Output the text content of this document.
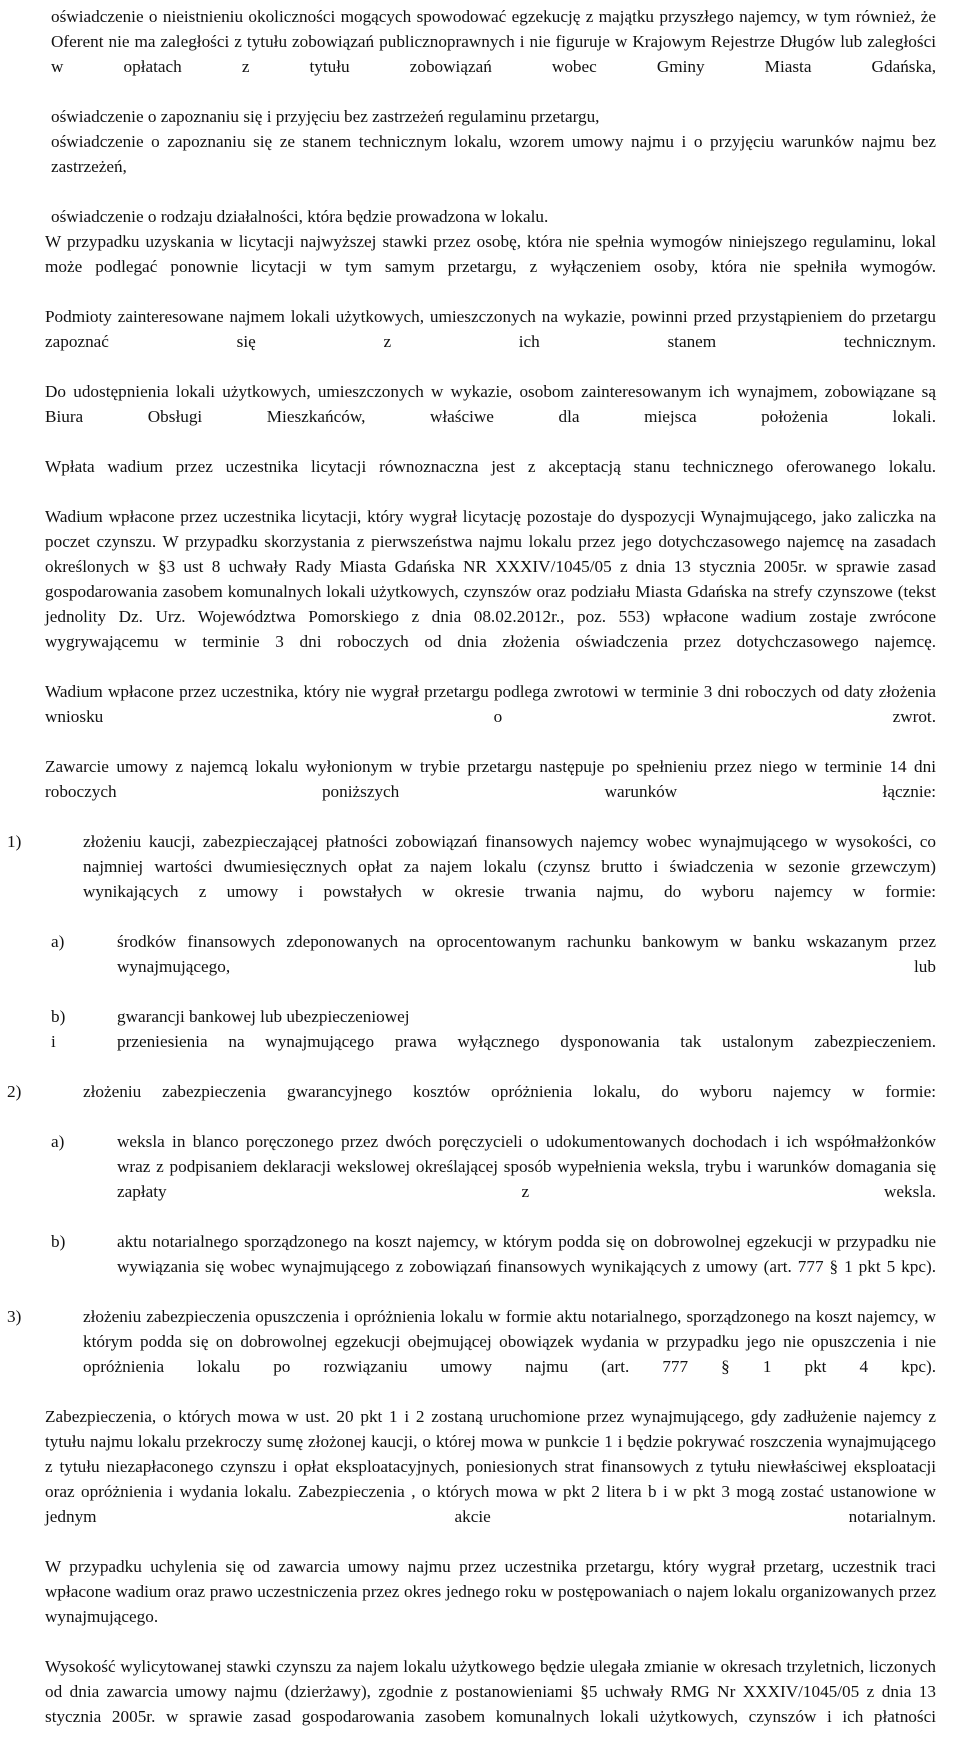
oświadczenie o nieistnieniu okoliczności mogących spowodować egzekucję z majątku przyszłego najemcy, w tym również, że Oferent nie ma zaległości z tytułu zobowiązań publicznoprawnych i nie figuruje w Krajowym Rejestrze Długów lub zaległości w opłatach z tytułu zobowiązań wobec Gminy Miasta Gdańska,
oświadczenie o zapoznaniu się i przyjęciu bez zastrzeżeń regulaminu przetargu,
oświadczenie o zapoznaniu się ze stanem technicznym lokalu, wzorem umowy najmu i o przyjęciu warunków najmu bez zastrzeżeń,
oświadczenie o rodzaju działalności, która będzie prowadzona w lokalu.
W przypadku uzyskania w licytacji najwyższej stawki przez osobę, która nie spełnia wymogów niniejszego regulaminu, lokal może podlegać ponownie licytacji w tym samym przetargu, z wyłączeniem osoby, która nie spełniła wymogów.
Podmioty zainteresowane najmem lokali użytkowych, umieszczonych na wykazie, powinni przed przystąpieniem do przetargu zapoznać się z ich stanem technicznym.
Do udostępnienia lokali użytkowych, umieszczonych w wykazie, osobom zainteresowanym ich wynajmem, zobowiązane są Biura Obsługi Mieszkańców, właściwe dla miejsca położenia lokali.
Wpłata wadium przez uczestnika licytacji równoznaczna jest z akceptacją stanu technicznego oferowanego lokalu.
Wadium wpłacone przez uczestnika licytacji, który wygrał licytację pozostaje do dyspozycji Wynajmującego, jako zaliczka na poczet czynszu. W przypadku skorzystania z pierwszeństwa najmu lokalu przez jego dotychczasowego najemcę na zasadach określonych w §3 ust 8 uchwały Rady Miasta Gdańska NR XXXIV/1045/05 z dnia 13 stycznia 2005r. w sprawie zasad gospodarowania zasobem komunalnych lokali użytkowych, czynszów oraz podziału Miasta Gdańska na strefy czynszowe (tekst jednolity Dz. Urz. Województwa Pomorskiego z dnia 08.02.2012r., poz. 553) wpłacone wadium zostaje zwrócone wygrywającemu w terminie 3 dni roboczych od dnia złożenia oświadczenia przez dotychczasowego najemcę.
Wadium wpłacone przez uczestnika, który nie wygrał przetargu podlega zwrotowi w terminie 3 dni roboczych od daty złożenia wniosku o zwrot.
Zawarcie umowy z najemcą lokalu wyłonionym w trybie przetargu następuje po spełnieniu przez niego w terminie 14 dni roboczych poniższych warunków łącznie:
1)	złożeniu kaucji, zabezpieczającej płatności zobowiązań finansowych najemcy wobec wynajmującego w wysokości, co najmniej wartości dwumiesięcznych opłat za najem lokalu (czynsz brutto i świadczenia w sezonie grzewczym) wynikających z umowy i powstałych w okresie trwania najmu, do wyboru najemcy w formie:
a)	środków finansowych zdeponowanych na oprocentowanym rachunku bankowym w banku wskazanym przez wynajmującego, lub
b)	gwarancji bankowej lub ubezpieczeniowej
i	przeniesienia na wynajmującego prawa wyłącznego dysponowania tak ustalonym zabezpieczeniem.
2)	złożeniu zabezpieczenia gwarancyjnego kosztów opróżnienia lokalu, do wyboru najemcy w formie:
a)	weksla in blanco poręczonego przez dwóch poręczycieli o udokumentowanych dochodach i ich współmałżonków wraz z podpisaniem deklaracji wekslowej określającej sposób wypełnienia weksla, trybu i warunków domagania się zapłaty z weksla.
b)	aktu notarialnego sporządzonego na koszt najemcy, w którym podda się on dobrowolnej egzekucji w przypadku nie wywiązania się wobec wynajmującego z zobowiązań finansowych wynikających z umowy (art. 777 § 1 pkt 5 kpc).
3)	złożeniu zabezpieczenia opuszczenia i opróżnienia lokalu w formie aktu notarialnego, sporządzonego na koszt najemcy, w którym podda się on dobrowolnej egzekucji obejmującej obowiązek wydania w przypadku jego nie opuszczenia i nie opróżnienia lokalu po rozwiązaniu umowy najmu (art. 777 § 1 pkt 4 kpc).
Zabezpieczenia, o których mowa w ust. 20 pkt 1 i 2 zostaną uruchomione przez wynajmującego, gdy zadłużenie najemcy z tytułu najmu lokalu przekroczy sumę złożonej kaucji, o której mowa w punkcie 1 i będzie pokrywać roszczenia wynajmującego z tytułu niezapłaconego czynszu i opłat eksploatacyjnych, poniesionych strat finansowych z tytułu niewłaściwej eksploatacji oraz opróżnienia i wydania lokalu. Zabezpieczenia , o których mowa w pkt 2 litera b i w pkt 3 mogą zostać ustanowione w jednym akcie notarialnym.
W przypadku uchylenia się od zawarcia umowy najmu przez uczestnika przetargu, który wygrał przetarg, uczestnik traci wpłacone wadium oraz prawo uczestniczenia przez okres jednego roku w postępowaniach o najem lokalu organizowanych przez wynajmującego.
Wysokość wylicytowanej stawki czynszu za najem lokalu użytkowego będzie ulegała zmianie w okresach trzyletnich, liczonych od dnia zawarcia umowy najmu (dzierżawy), zgodnie z postanowieniami §5 uchwały RMG Nr XXXIV/1045/05 z dnia 13 stycznia 2005r. w sprawie zasad gospodarowania zasobem komunalnych lokali użytkowych, czynszów i ich płatności
